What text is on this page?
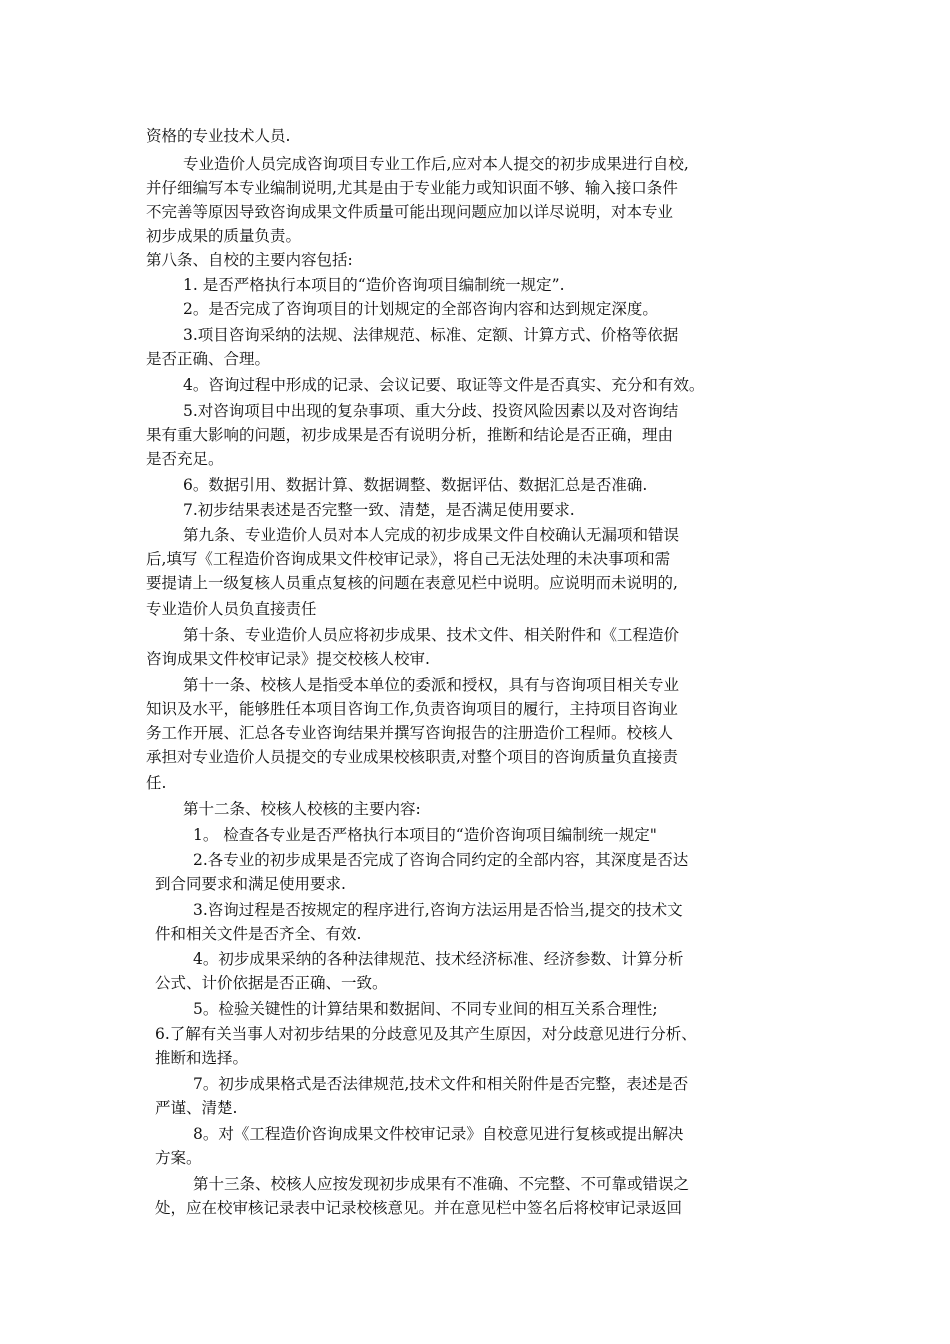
资格的专业技术人员.
专业造价人员完成咨询项目专业工作后,应对本人提交的初步成果进行自校,
并仔细编写本专业编制说明,尤其是由于专业能力或知识面不够、输入接口条件
不完善等原因导致咨询成果文件质量可能出现问题应加以详尽说明，对本专业
初步成果的质量负责。
第八条、自校的主要内容包括:
1. 是否严格执行本项目的“造价咨询项目编制统一规定”.
2。是否完成了咨询项目的计划规定的全部咨询内容和达到规定深度。
3.项目咨询采纳的法规、法律规范、标准、定额、计算方式、价格等依据
是否正确、合理。
4。咨询过程中形成的记录、会议记要、取证等文件是否真实、充分和有效。
5.对咨询项目中出现的复杂事项、重大分歧、投资风险因素以及对咨询结
果有重大影响的问题，初步成果是否有说明分析，推断和结论是否正确，理由
是否充足。
6。数据引用、数据计算、数据调整、数据评估、数据汇总是否准确.
7.初步结果表述是否完整一致、清楚，是否满足使用要求.
第九条、专业造价人员对本人完成的初步成果文件自校确认无漏项和错误
后,填写《工程造价咨询成果文件校审记录》，将自己无法处理的未决事项和需
要提请上一级复核人员重点复核的问题在表意见栏中说明。应说明而未说明的,
专业造价人员负直接责任
第十条、专业造价人员应将初步成果、技术文件、相关附件和《工程造价
咨询成果文件校审记录》提交校核人校审.
第十一条、校核人是指受本单位的委派和授权，具有与咨询项目相关专业
知识及水平，能够胜任本项目咨询工作,负责咨询项目的履行，主持项目咨询业
务工作开展、汇总各专业咨询结果并撰写咨询报告的注册造价工程师。校核人
承担对专业造价人员提交的专业成果校核职责,对整个项目的咨询质量负直接责
任.
第十二条、校核人校核的主要内容:
1。 检查各专业是否严格执行本项目的“造价咨询项目编制统一规定"
2.各专业的初步成果是否完成了咨询合同约定的全部内容，其深度是否达
到合同要求和满足使用要求.
3.咨询过程是否按规定的程序进行,咨询方法运用是否恰当,提交的技术文
件和相关文件是否齐全、有效.
4。初步成果采纳的各种法律规范、技术经济标准、经济参数、计算分析
公式、计价依据是否正确、一致。
5。检验关键性的计算结果和数据间、不同专业间的相互关系合理性;
6.了解有关当事人对初步结果的分歧意见及其产生原因，对分歧意见进行分析、
推断和选择。
7。初步成果格式是否法律规范,技术文件和相关附件是否完整，表述是否
严谨、清楚.
8。对《工程造价咨询成果文件校审记录》自校意见进行复核或提出解决
方案。
第十三条、校核人应按发现初步成果有不准确、不完整、不可靠或错误之
处，应在校审核记录表中记录校核意见。并在意见栏中签名后将校审记录返回
